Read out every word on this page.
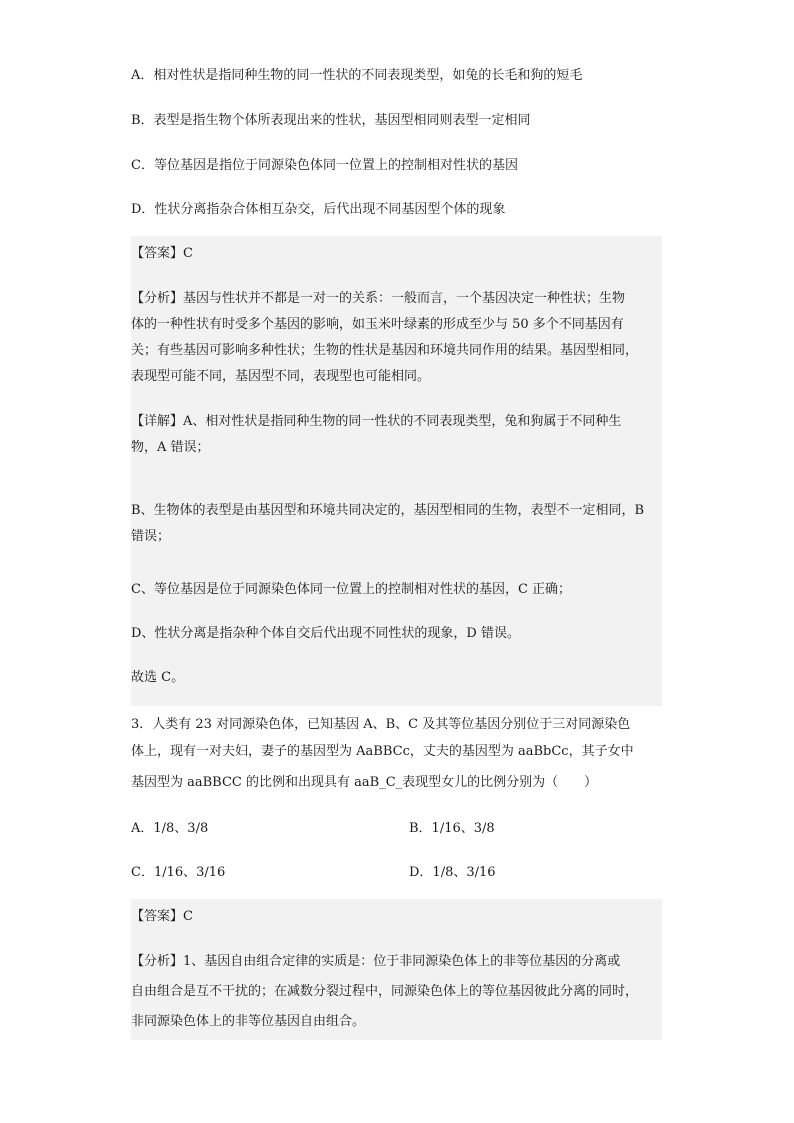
A．相对性状是指同种生物的同一性状的不同表现类型，如兔的长毛和狗的短毛
B．表型是指生物个体所表现出来的性状，基因型相同则表型一定相同
C．等位基因是指位于同源染色体同一位置上的控制相对性状的基因
D．性状分离指杂合体相互杂交，后代出现不同基因型个体的现象
【答案】C
【分析】基因与性状并不都是一对一的关系：一般而言，一个基因决定一种性状；生物
体的一种性状有时受多个基因的影响，如玉米叶绿素的形成至少与 50 多个不同基因有
关；有些基因可影响多种性状；生物的性状是基因和环境共同作用的结果。基因型相同，
表现型可能不同，基因型不同，表现型也可能相同。
【详解】A、相对性状是指同种生物的同一性状的不同表现类型，兔和狗属于不同种生
物，A 错误；
B、生物体的表型是由基因型和环境共同决定的，基因型相同的生物，表型不一定相同，B
错误；
C、等位基因是位于同源染色体同一位置上的控制相对性状的基因，C 正确；
D、性状分离是指杂种个体自交后代出现不同性状的现象，D 错误。
故选 C。
3．人类有 23 对同源染色体，已知基因 A、B、C 及其等位基因分别位于三对同源染色
体上，现有一对夫妇，妻子的基因型为 AaBBCc，丈夫的基因型为 aaBbCc，其子女中
基因型为 aaBBCC 的比例和出现具有 aaB_C_表现型女儿的比例分别为（　　）
A．1/8、3/8	B．1/16、3/8
C．1/16、3/16	D．1/8、3/16
【答案】C
【分析】1、基因自由组合定律的实质是：位于非同源染色体上的非等位基因的分离或
自由组合是互不干扰的；在减数分裂过程中，同源染色体上的等位基因彼此分离的同时，
非同源染色体上的非等位基因自由组合。
